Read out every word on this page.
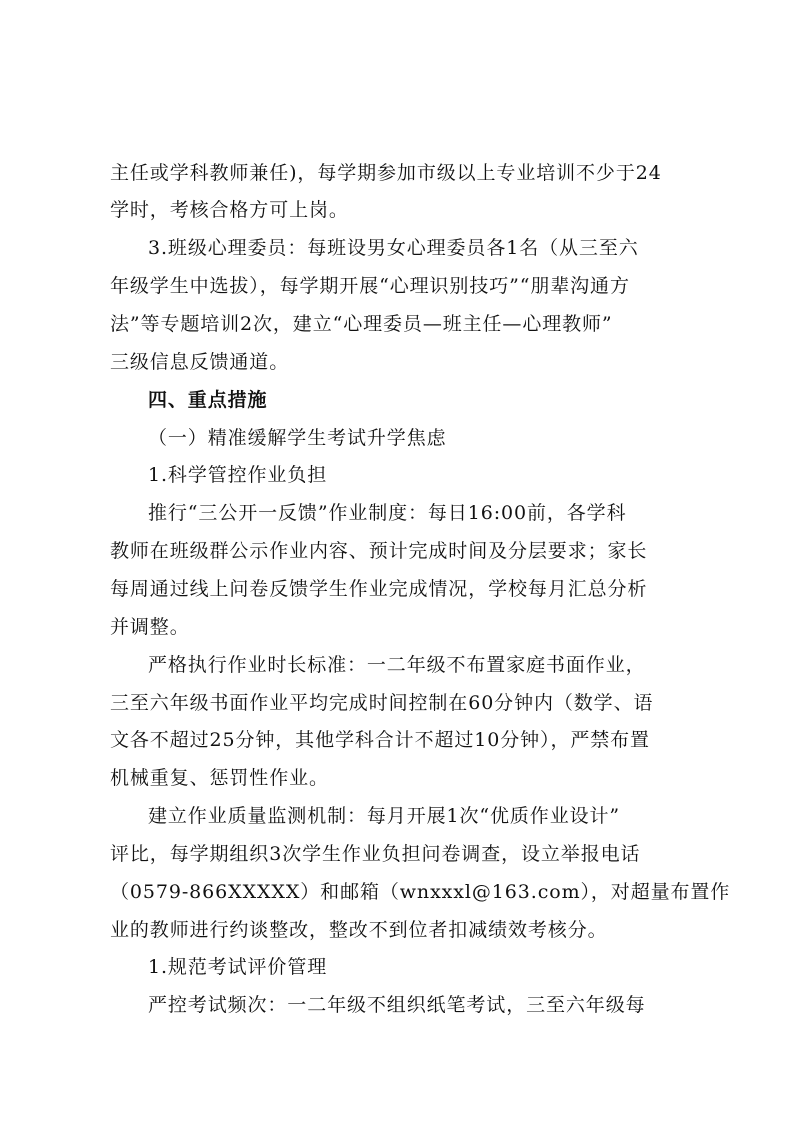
主任或学科教师兼任)，每学期参加市级以上专业培训不少于24
学时，考核合格方可上岗。
3.班级心理委员：每班设男女心理委员各1名（从三至六
年级学生中选拔），每学期开展“心理识别技巧”“朋辈沟通方
法”等专题培训2次，建立“心理委员—班主任—心理教师”
三级信息反馈通道。
四、重点措施
（一）精准缓解学生考试升学焦虑
1.科学管控作业负担
推行“三公开一反馈”作业制度：每日16:00前，各学科
教师在班级群公示作业内容、预计完成时间及分层要求；家长
每周通过线上问卷反馈学生作业完成情况，学校每月汇总分析
并调整。
严格执行作业时长标准：一二年级不布置家庭书面作业，
三至六年级书面作业平均完成时间控制在60分钟内（数学、语
文各不超过25分钟，其他学科合计不超过10分钟），严禁布置
机械重复、惩罚性作业。
建立作业质量监测机制：每月开展1次“优质作业设计”
评比，每学期组织3次学生作业负担问卷调查，设立举报电话
（0579-866XXXXX）和邮箱（wnxxxl@163.com），对超量布置作
业的教师进行约谈整改，整改不到位者扣减绩效考核分。
1.规范考试评价管理
严控考试频次：一二年级不组织纸笔考试，三至六年级每
